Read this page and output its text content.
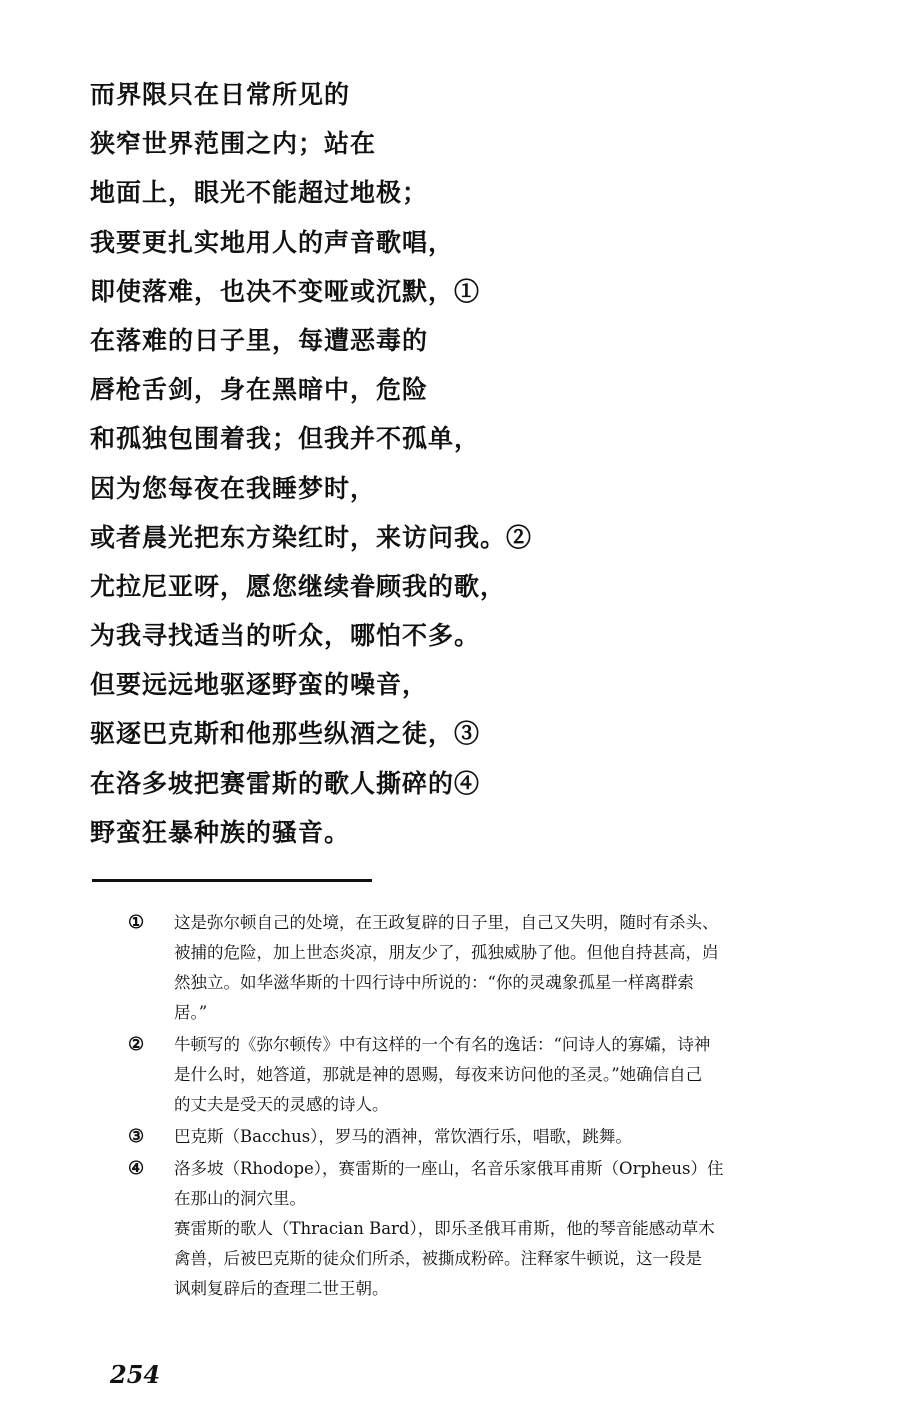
而界限只在日常所见的
狭窄世界范围之内；站在
地面上，眼光不能超过地极；
我要更扎实地用人的声音歌唱，
即使落难，也决不变哑或沉默，①
在落难的日子里，每遭恶毒的
唇枪舌剑，身在黑暗中，危险
和孤独包围着我；但我并不孤单，
因为您每夜在我睡梦时，
或者晨光把东方染红时，来访问我。②
尤拉尼亚呀，愿您继续眷顾我的歌，
为我寻找适当的听众，哪怕不多。
但要远远地驱逐野蛮的噪音，
驱逐巴克斯和他那些纵酒之徒，③
在洛多坡把赛雷斯的歌人撕碎的④
野蛮狂暴种族的骚音。
① 这是弥尔顿自己的处境，在王政复辟的日子里，自己又失明，随时有杀头、
被捕的危险，加上世态炎凉，朋友少了，孤独威胁了他。但他自持甚高，岿
然独立。如华滋华斯的十四行诗中所说的：“你的灵魂象孤星一样离群索
居。”
② 牛顿写的《弥尔顿传》中有这样的一个有名的逸话：“问诗人的寡孀，诗神
是什么时，她答道，那就是神的恩赐，每夜来访问他的圣灵。”她确信自己
的丈夫是受天的灵感的诗人。
③ 巴克斯（Bacchus），罗马的酒神，常饮酒行乐，唱歌，跳舞。
④ 洛多坡（Rhodope），赛雷斯的一座山，名音乐家俄耳甫斯（Orpheus）住
在那山的洞穴里。
赛雷斯的歌人（Thracian Bard），即乐圣俄耳甫斯，他的琴音能感动草木
禽兽，后被巴克斯的徒众们所杀，被撕成粉碎。注释家牛顿说，这一段是
讽刺复辟后的查理二世王朝。
254
